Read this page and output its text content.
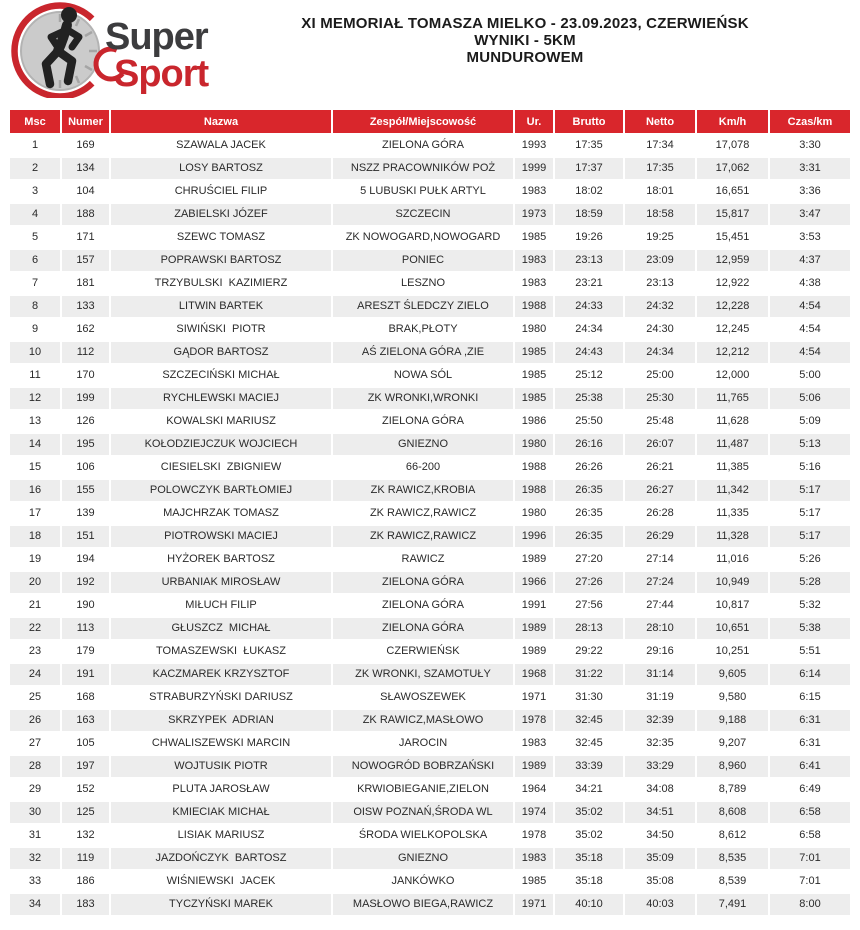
Super
Sport
XI MEMORIAŁ TOMASZA MIELKO - 23.09.2023, CZERWIEŃSK
WYNIKI - 5KM
MUNDUROWEM
Msc	Numer	Nazwa	Zespół/Miejscowość	Ur.	Brutto	Netto	Km/h	Czas/km
1	169	SZAWALA JACEK	ZIELONA GÓRA	1993	17:35	17:34	17,078	3:30
2	134	LOSY BARTOSZ	NSZZ PRACOWNIKÓW POŻ	1999	17:37	17:35	17,062	3:31
3	104	CHRUŚCIEL FILIP	5 LUBUSKI PUŁK ARTYL	1983	18:02	18:01	16,651	3:36
4	188	ZABIELSKI JÓZEF	SZCZECIN	1973	18:59	18:58	15,817	3:47
5	171	SZEWC TOMASZ	ZK NOWOGARD,NOWOGARD	1985	19:26	19:25	15,451	3:53
6	157	POPRAWSKI BARTOSZ	PONIEC	1983	23:13	23:09	12,959	4:37
7	181	TRZYBULSKI  KAZIMIERZ	LESZNO	1983	23:21	23:13	12,922	4:38
8	133	LITWIN BARTEK	ARESZT ŚLEDCZY ZIELO	1988	24:33	24:32	12,228	4:54
9	162	SIWIŃSKI  PIOTR	BRAK,PŁOTY	1980	24:34	24:30	12,245	4:54
10	112	GĄDOR BARTOSZ	AŚ ZIELONA GÓRA ,ZIE	1985	24:43	24:34	12,212	4:54
11	170	SZCZECIŃSKI MICHAŁ	NOWA SÓL	1985	25:12	25:00	12,000	5:00
12	199	RYCHLEWSKI MACIEJ	ZK WRONKI,WRONKI	1985	25:38	25:30	11,765	5:06
13	126	KOWALSKI MARIUSZ	ZIELONA GÓRA	1986	25:50	25:48	11,628	5:09
14	195	KOŁODZIEJCZUK WOJCIECH	GNIEZNO	1980	26:16	26:07	11,487	5:13
15	106	CIESIELSKI  ZBIGNIEW	66-200	1988	26:26	26:21	11,385	5:16
16	155	POLOWCZYK BARTŁOMIEJ	ZK RAWICZ,KROBIA	1988	26:35	26:27	11,342	5:17
17	139	MAJCHRZAK TOMASZ	ZK RAWICZ,RAWICZ	1980	26:35	26:28	11,335	5:17
18	151	PIOTROWSKI MACIEJ	ZK RAWICZ,RAWICZ	1996	26:35	26:29	11,328	5:17
19	194	HYŻOREK BARTOSZ	RAWICZ	1989	27:20	27:14	11,016	5:26
20	192	URBANIAK MIROSŁAW	ZIELONA GÓRA	1966	27:26	27:24	10,949	5:28
21	190	MIŁUCH FILIP	ZIELONA GÓRA	1991	27:56	27:44	10,817	5:32
22	113	GŁUSZCZ  MICHAŁ	ZIELONA GÓRA	1989	28:13	28:10	10,651	5:38
23	179	TOMASZEWSKI  ŁUKASZ	CZERWIEŃSK	1989	29:22	29:16	10,251	5:51
24	191	KACZMAREK KRZYSZTOF	ZK WRONKI, SZAMOTUŁY	1968	31:22	31:14	9,605	6:14
25	168	STRABURZYŃSKI DARIUSZ	SŁAWOSZEWEK	1971	31:30	31:19	9,580	6:15
26	163	SKRZYPEK  ADRIAN	ZK RAWICZ,MASŁOWO	1978	32:45	32:39	9,188	6:31
27	105	CHWALISZEWSKI MARCIN	JAROCIN	1983	32:45	32:35	9,207	6:31
28	197	WOJTUSIK PIOTR	NOWOGRÓD BOBRZAŃSKI	1989	33:39	33:29	8,960	6:41
29	152	PLUTA JAROSŁAW	KRWIOBIEGANIE,ZIELON	1964	34:21	34:08	8,789	6:49
30	125	KMIECIAK MICHAŁ	OISW POZNAŃ,ŚRODA WL	1974	35:02	34:51	8,608	6:58
31	132	LISIAK MARIUSZ	ŚRODA WIELKOPOLSKA	1978	35:02	34:50	8,612	6:58
32	119	JAZDOŃCZYK  BARTOSZ	GNIEZNO	1983	35:18	35:09	8,535	7:01
33	186	WIŚNIEWSKI  JACEK	JANKÓWKO	1985	35:18	35:08	8,539	7:01
34	183	TYCZYŃSKI MAREK	MASŁOWO BIEGA,RAWICZ	1971	40:10	40:03	7,491	8:00
